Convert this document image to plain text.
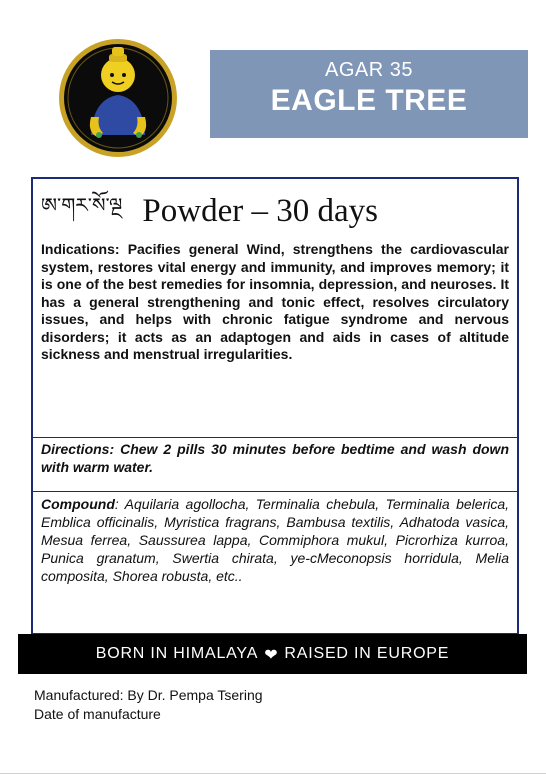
AGAR 35
EAGLE TREE
ཨ་གར་སོ་ལྔ Powder – 30 days
Indications: Pacifies general Wind, strengthens the cardiovascular system, restores vital energy and immunity, and improves memory; it is one of the best remedies for insomnia, depression, and neuroses. It has a general strengthening and tonic effect, resolves circulatory issues, and helps with chronic fatigue syndrome and nervous disorders; it acts as an adaptogen and aids in cases of altitude sickness and menstrual irregularities.
Directions: Chew 2 pills 30 minutes before bedtime and wash down with warm water.
Compound: Aquilaria agollocha, Terminalia chebula, Terminalia belerica, Emblica officinalis, Myristica fragrans, Bambusa textilis, Adhatoda vasica, Mesua ferrea, Saussurea lappa, Commiphora mukul, Picrorhiza kurroa, Punica granatum, Swertia chirata, ye-cMeconopsis horridula, Melia composita, Shorea robusta, etc..
BORN IN HIMALAYA ❤ RAISED IN EUROPE
Manufactured: By Dr. Pempa Tsering
Date of manufacture
